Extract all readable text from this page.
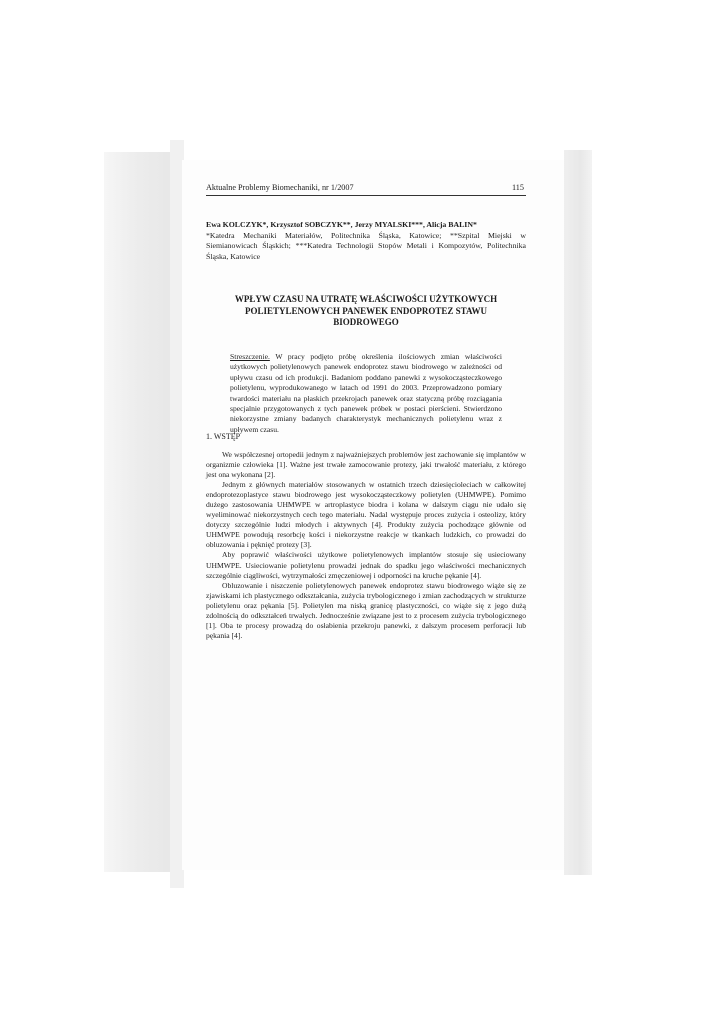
Aktualne Problemy Biomechaniki, nr 1/2007	115
Ewa KOLCZYK*, Krzysztof SOBCZYK**, Jerzy MYALSKI***, Alicja BALIN*
*Katedra Mechaniki Materiałów, Politechnika Śląska, Katowice; **Szpital Miejski w Siemianowicach Śląskich; ***Katedra Technologii Stopów Metali i Kompozytów, Politechnika Śląska, Katowice
WPŁYW CZASU NA UTRATĘ WŁAŚCIWOŚCI UŻYTKOWYCH
POLIETYLENOWYCH PANEWEK ENDOPROTEZ STAWU
BIODROWEGO
Streszczenie. W pracy podjęto próbę określenia ilościowych zmian właściwości użytkowych polietylenowych panewek endoprotez stawu biodrowego w zależności od upływu czasu od ich produkcji. Badaniom poddano panewki z wysokocząsteczkowego polietylenu, wyprodukowanego w latach od 1991 do 2003. Przeprowadzono pomiary twardości materiału na płaskich przekrojach panewek oraz statyczną próbę rozciągania specjalnie przygotowanych z tych panewek próbek w postaci pierścieni. Stwierdzono niekorzystne zmiany badanych charakterystyk mechanicznych polietylenu wraz z upływem czasu.
1. WSTĘP

We współczesnej ortopedii jednym z najważniejszych problemów jest zachowanie się implantów w organizmie człowieka [1]. Ważne jest trwałe zamocowanie protezy, jaki trwałość materiału, z którego jest ona wykonana [2].

Jednym z głównych materiałów stosowanych w ostatnich trzech dziesięcioleciach w całkowitej endoprotezoplastyce stawu biodrowego jest wysokocząsteczkowy polietylen (UHMWPE). Pomimo dużego zastosowania UHMWPE w artroplastyce biodra i kolana w dalszym ciągu nie udało się wyeliminować niekorzystnych cech tego materiału. Nadal występuje proces zużycia i osteolizy, który dotyczy szczególnie ludzi młodych i aktywnych [4]. Produkty zużycia pochodzące głównie od UHMWPE powodują resorbcję kości i niekorzystne reakcje w tkankach ludzkich, co prowadzi do obluzowania i pęknięć protezy [3].

Aby poprawić właściwości użytkowe polietylenowych implantów stosuje się usieciowany UHMWPE. Usieciowanie polietylenu prowadzi jednak do spadku jego właściwości mechanicznych szczególnie ciągliwości, wytrzymałości zmęczeniowej i odporności na kruche pękanie [4].

Obluzowanie i niszczenie polietylenowych panewek endoprotez stawu biodrowego wiąże się ze zjawiskami ich plastycznego odkształcania, zużycia trybologicznego i zmian zachodzących w strukturze polietylenu oraz pękania [5]. Polietylen ma niską granicę plastyczności, co wiąże się z jego dużą zdolnością do odkształceń trwałych. Jednocześnie związane jest to z procesem zużycia trybologicznego [1]. Oba te procesy prowadzą do osłabienia przekroju panewki, z dalszym procesem perforacji lub pękania [4].
